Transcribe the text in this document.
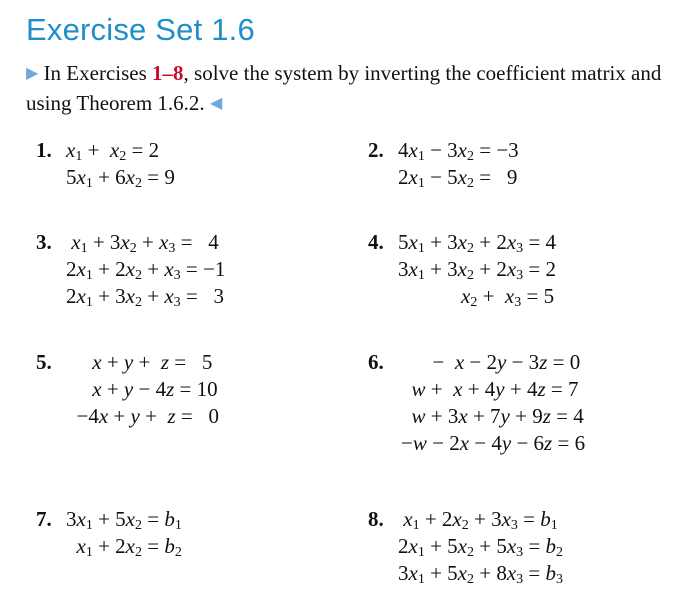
Exercise Set 1.6
▶ In Exercises 1–8, solve the system by inverting the coefficient matrix and using Theorem 1.6.2. ◀
1. $x_1 + x_2 = 2$
$5x_1 + 6x_2 = 9$
2. $4x_1 - 3x_2 = -3$
$2x_1 - 5x_2 = 9$
3. $x_1 + 3x_2 + x_3 = 4$
$2x_1 + 2x_2 + x_3 = -1$
$2x_1 + 3x_2 + x_3 = 3$
4. $5x_1 + 3x_2 + 2x_3 = 4$
$3x_1 + 3x_2 + 2x_3 = 2$
$x_2 + x_3 = 5$
5.	x + y +  z =   5
x + y − 4z = 10
−4x + y +  z =   0
6. −  x − 2y − 3z = 0
w +  x + 4y + 4z = 7
w + 3x + 7y + 9z = 4
−w − 2x − 4y − 6z = 6
7. $3x_1 + 5x_2 = b_1$
$x_1 + 2x_2 = b_2$
8. $x_1 + 2x_2 + 3x_3 = b_1$
$2x_1 + 5x_2 + 5x_3 = b_2$
$3x_1 + 5x_2 + 8x_3 = b_3$
